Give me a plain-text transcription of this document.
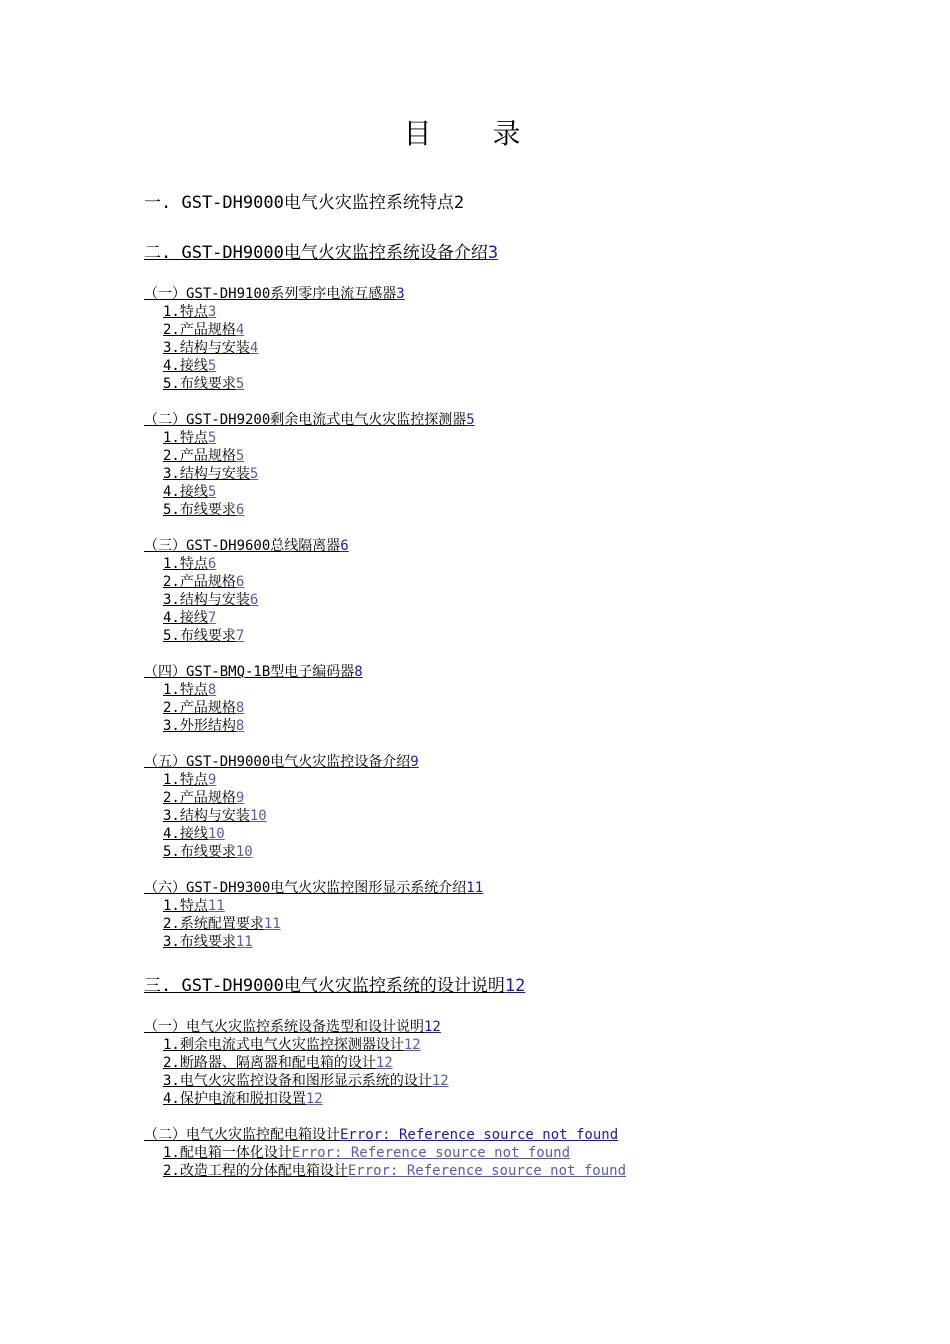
目 录
一. GST-DH9000电气火灾监控系统特点2
二. GST-DH9000电气火灾监控系统设备介绍3
（一）GST-DH9100系列零序电流互感器3
1.特点3
2.产品规格4
3.结构与安装4
4.接线5
5.布线要求5
（二）GST-DH9200剩余电流式电气火灾监控探测器5
1.特点5
2.产品规格5
3.结构与安装5
4.接线5
5.布线要求6
（三）GST-DH9600总线隔离器6
1.特点6
2.产品规格6
3.结构与安装6
4.接线7
5.布线要求7
（四）GST-BMQ-1B型电子编码器8
1.特点8
2.产品规格8
3.外形结构8
（五）GST-DH9000电气火灾监控设备介绍9
1.特点9
2.产品规格9
3.结构与安装10
4.接线10
5.布线要求10
（六）GST-DH9300电气火灾监控图形显示系统介绍11
1.特点11
2.系统配置要求11
3.布线要求11
三. GST-DH9000电气火灾监控系统的设计说明12
（一）电气火灾监控系统设备选型和设计说明12
1.剩余电流式电气火灾监控探测器设计12
2.断路器、隔离器和配电箱的设计12
3.电气火灾监控设备和图形显示系统的设计12
4.保护电流和脱扣设置12
（二）电气火灾监控配电箱设计Error: Reference source not found
1.配电箱一体化设计Error: Reference source not found
2.改造工程的分体配电箱设计Error: Reference source not found
